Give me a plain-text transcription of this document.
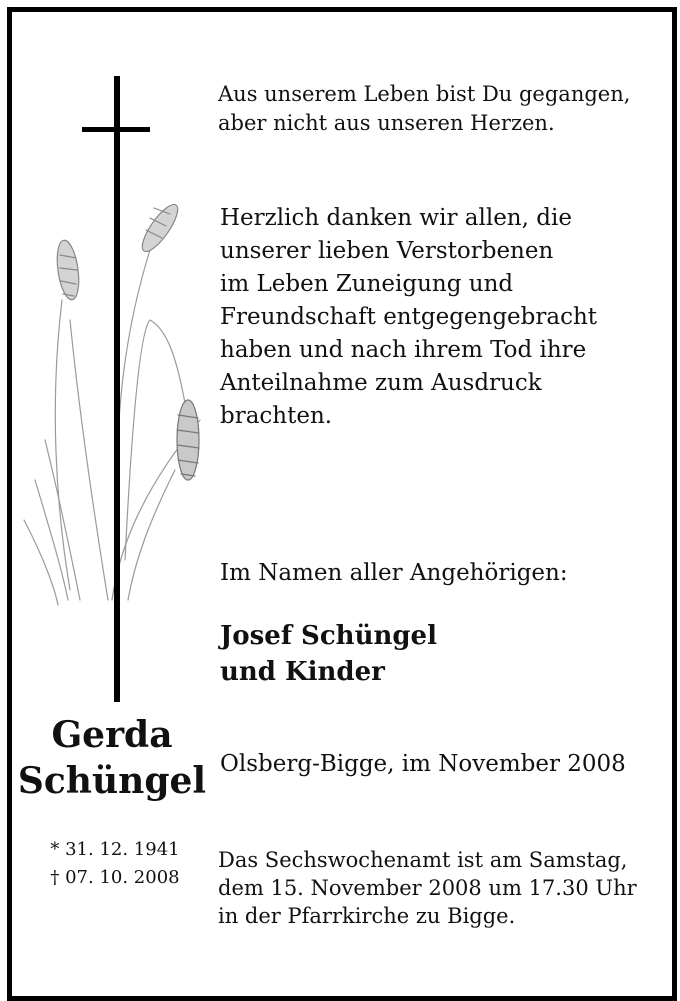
Aus unserem Leben bist Du gegangen,
aber nicht aus unseren Herzen.
Herzlich danken wir allen, die
unserer lieben Verstorbenen
im Leben Zuneigung und
Freundschaft entgegengebracht
haben und nach ihrem Tod ihre
Anteilnahme zum Ausdruck
brachten.
Im Namen aller Angehörigen:
Josef Schüngel
und Kinder
Olsberg-Bigge, im November 2008
Das Sechswochenamt ist am Samstag,
dem 15. November 2008 um 17.30 Uhr
in der Pfarrkirche zu Bigge.
Gerda
Schüngel
* 31. 12. 1941
† 07. 10. 2008
